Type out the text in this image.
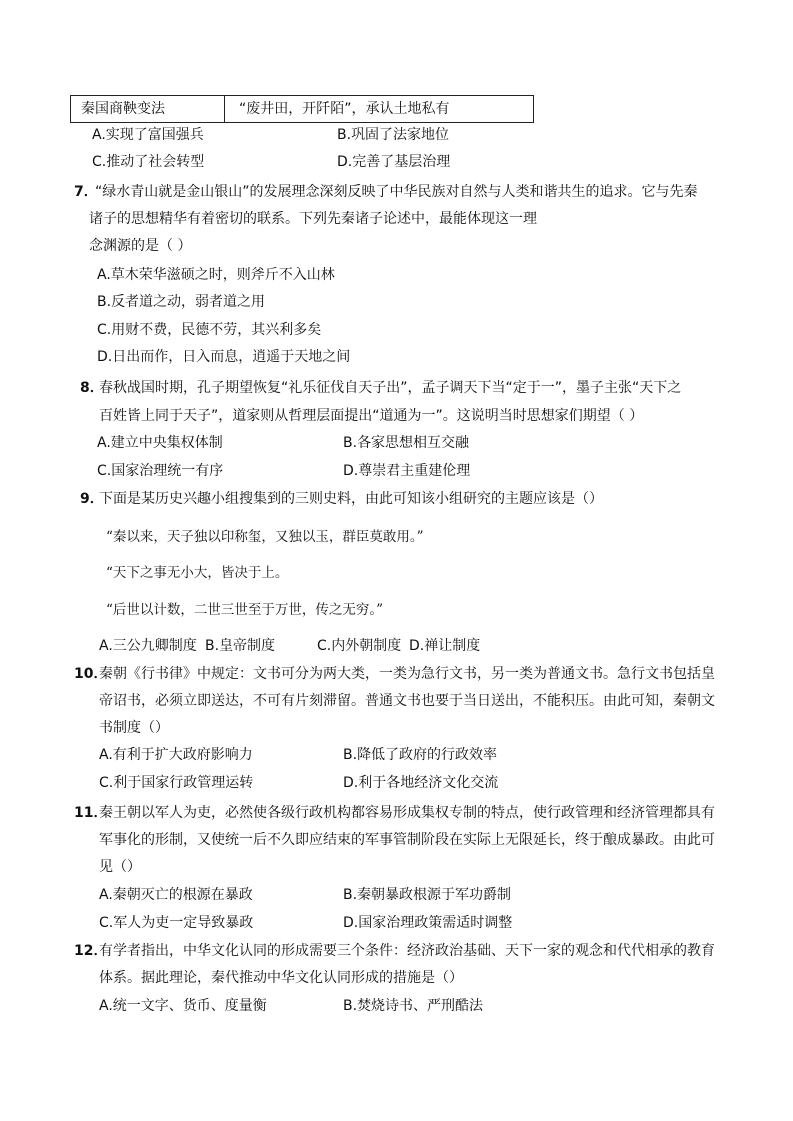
秦国商鞅变法	“废井田，开阡陌”，承认土地私有
A.实现了富国强兵	B.巩固了法家地位
C.推动了社会转型	D.完善了基层治理
7．
“绿水青山就是金山银山”的发展理念深刻反映了中华民族对自然与人类和谐共生的追求。它与先秦
诸子的思想精华有着密切的联系。下列先秦诸子论述中，最能体现这一理
念渊源的是（ ）
A.草木荣华滋硕之时，则斧斤不入山林
B.反者道之动，弱者道之用
C.用财不费，民德不劳，其兴利多矣
D.日出而作，日入而息，逍遥于天地之间
8．
春秋战国时期，孔子期望恢复“礼乐征伐自天子出”，孟子调天下当“定于一”，墨子主张“天下之
百姓皆上同于天子”，道家则从哲理层面提出“道通为一”。这说明当时思想家们期望（ ）
A.建立中央集权体制	B.各家思想相互交融
C.国家治理统一有序	D.尊崇君主重建伦理
9．
下面是某历史兴趣小组搜集到的三则史料，由此可知该小组研究的主题应该是（）
“秦以来，天子独以印称玺，又独以玉，群臣莫敢用。”
“天下之事无小大，皆决于上。
“后世以计数，二世三世至于万世，传之无穷。”
A.三公九卿制度 B.皇帝制度	C.内外朝制度 D.禅让制度
10．
秦朝《行书律》中规定：文书可分为两大类，一类为急行文书，另一类为普通文书。急行文书包括皇
帝诏书，必须立即送达，不可有片刻滞留。普通文书也要于当日送出，不能积压。由此可知，秦朝文
书制度（）
A.有利于扩大政府影响力	B.降低了政府的行政效率
C.利于国家行政管理运转	D.利于各地经济文化交流
11．
秦王朝以军人为吏，必然使各级行政机构都容易形成集权专制的特点，使行政管理和经济管理都具有
军事化的形制，又使统一后不久即应结束的军事管制阶段在实际上无限延长，终于酿成暴政。由此可
见（）
A.秦朝灭亡的根源在暴政	B.秦朝暴政根源于军功爵制
C.军人为吏一定导致暴政	D.国家治理政策需适时调整
12．
有学者指出，中华文化认同的形成需要三个条件：经济政治基础、天下一家的观念和代代相承的教育
体系。据此理论，秦代推动中华文化认同形成的措施是（）
A.统一文字、货币、度量衡	B.焚烧诗书、严刑酷法
